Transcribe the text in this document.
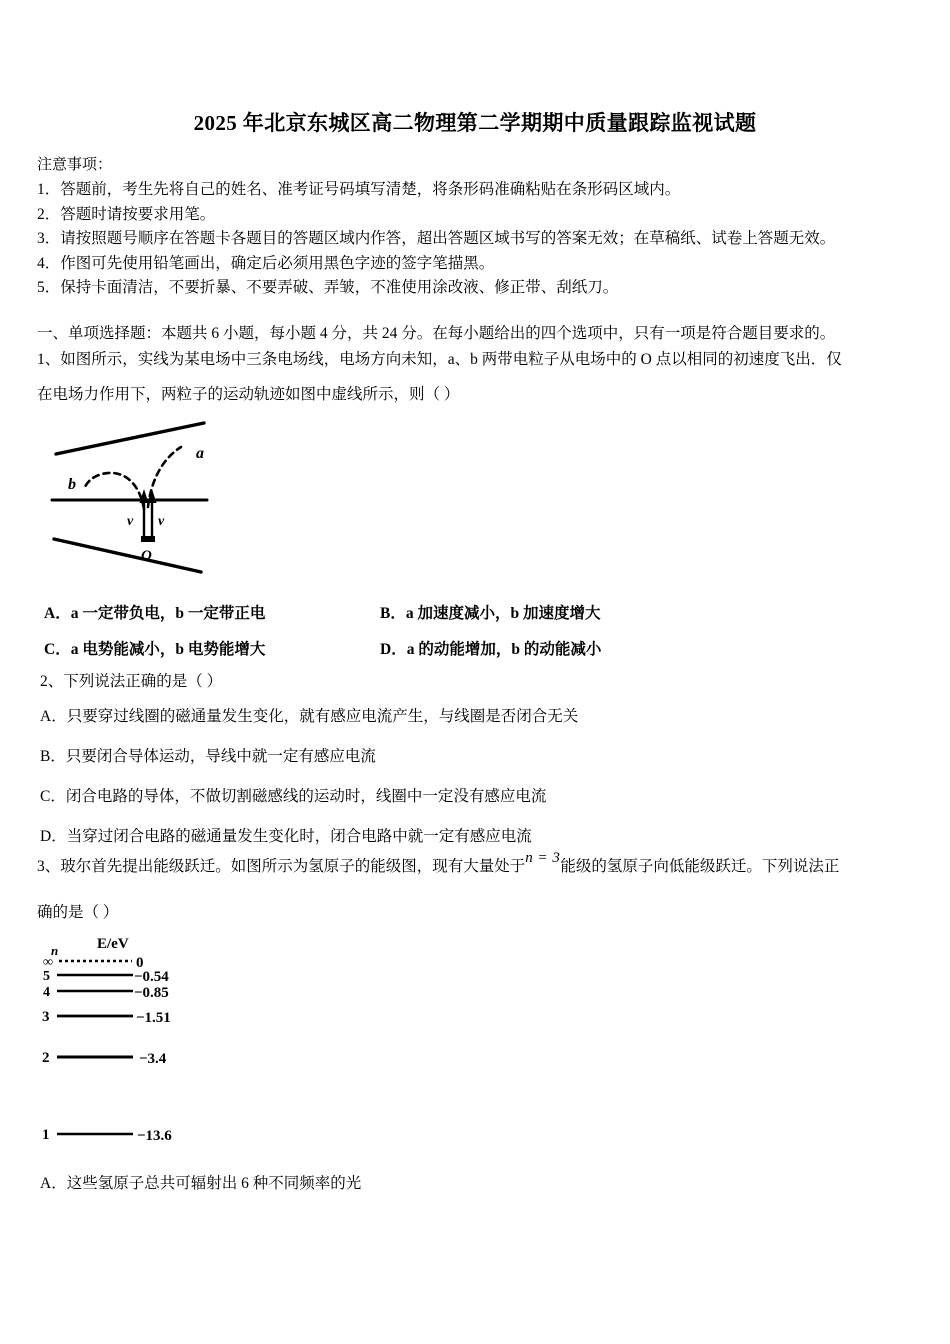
2025 年北京东城区高二物理第二学期期中质量跟踪监视试题
注意事项：
1．答题前，考生先将自己的姓名、准考证号码填写清楚，将条形码准确粘贴在条形码区域内。
2．答题时请按要求用笔。
3．请按照题号顺序在答题卡各题目的答题区域内作答，超出答题区域书写的答案无效；在草稿纸、试卷上答题无效。
4．作图可先使用铅笔画出，确定后必须用黑色字迹的签字笔描黑。
5．保持卡面清洁，不要折暴、不要弄破、弄皱，不准使用涂改液、修正带、刮纸刀。
一、单项选择题：本题共 6 小题，每小题 4 分，共 24 分。在每小题给出的四个选项中，只有一项是符合题目要求的。
1、如图所示，实线为某电场中三条电场线，电场方向未知，a、b 两带电粒子从电场中的 O 点以相同的初速度飞出．仅
在电场力作用下，两粒子的运动轨迹如图中虚线所示，则（ ）
a
b
v v
O
A．a 一定带负电，b 一定带正电	B．a 加速度减小，b 加速度增大
C．a 电势能减小，b 电势能增大	D．a 的动能增加，b 的动能减小
2、下列说法正确的是（ ）
A．只要穿过线圈的磁通量发生变化，就有感应电流产生，与线圈是否闭合无关
B．只要闭合导体运动，导线中就一定有感应电流
C．闭合电路的导体，不做切割磁感线的运动时，线圈中一定没有感应电流
D．当穿过闭合电路的磁通量发生变化时，闭合电路中就一定有感应电流
3、玻尔首先提出能级跃迁。如图所示为氢原子的能级图，现有大量处于n = 3能级的氢原子向低能级跃迁。下列说法正
确的是（ ）
E/eV
n
∞	0
5	−0.54
4	−0.85
3	−1.51
2	−3.4
1	−13.6
A．这些氢原子总共可辐射出 6 种不同频率的光
